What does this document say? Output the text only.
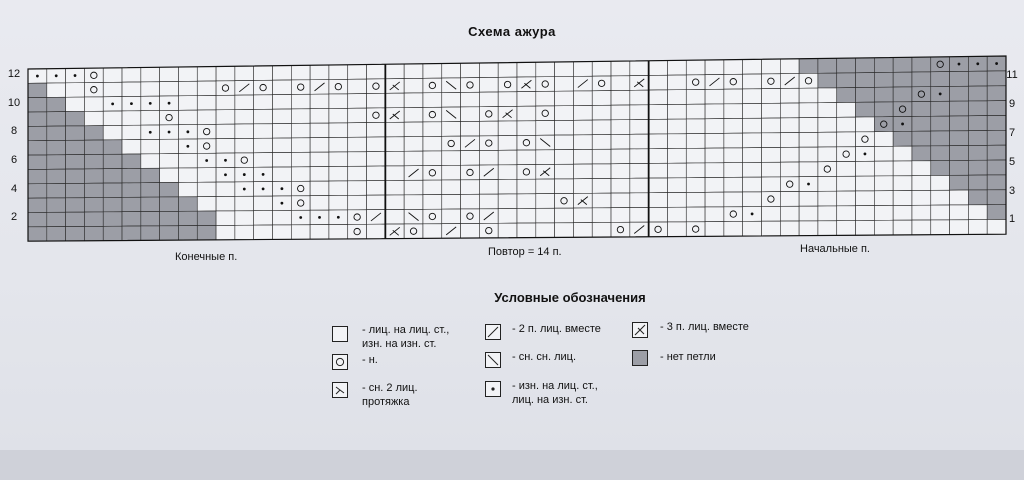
Схема ажура
12
10
8
6
4
2
11
9
7
5
3
1
Конечные п.	Повтор = 14 п.	Начальные п.
Условные обозначения
- лиц. на лиц. ст.,
изн. на изн. ст.
- н.
- сн. 2 лиц.
протяжка
- 2 п. лиц. вместе
- сн. сн. лиц.
- изн. на лиц. ст.,
лиц. на изн. ст.
- 3 п. лиц. вместе
- нет петли
